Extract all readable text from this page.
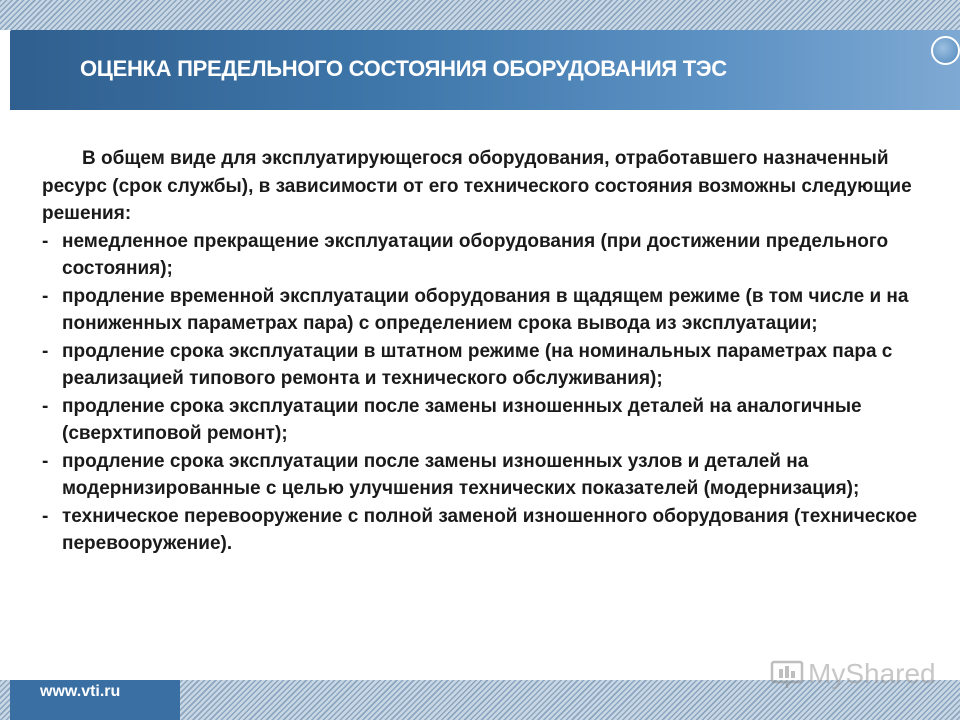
ОЦЕНКА ПРЕДЕЛЬНОГО СОСТОЯНИЯ ОБОРУДОВАНИЯ ТЭС

В общем виде для эксплуатирующегося оборудования, отработавшего назначенный ресурс (срок службы), в зависимости от его технического состояния возможны следующие решения:

- немедленное прекращение эксплуатации оборудования (при достижении предельного состояния);
- продление временной эксплуатации оборудования в щадящем режиме (в том числе и на пониженных параметрах пара) с определением срока вывода из эксплуатации;
- продление срока эксплуатации в штатном режиме (на номинальных параметрах пара с реализацией типового ремонта и технического обслуживания);
- продление срока эксплуатации после замены изношенных деталей на аналогичные (сверхтиповой ремонт);
- продление срока эксплуатации после замены изношенных узлов и деталей на модернизированные с целью улучшения технических показателей (модернизация);
- техническое перевооружение с полной заменой изношенного оборудования (техническое перевооружение).
www.vti.ru
MyShared
